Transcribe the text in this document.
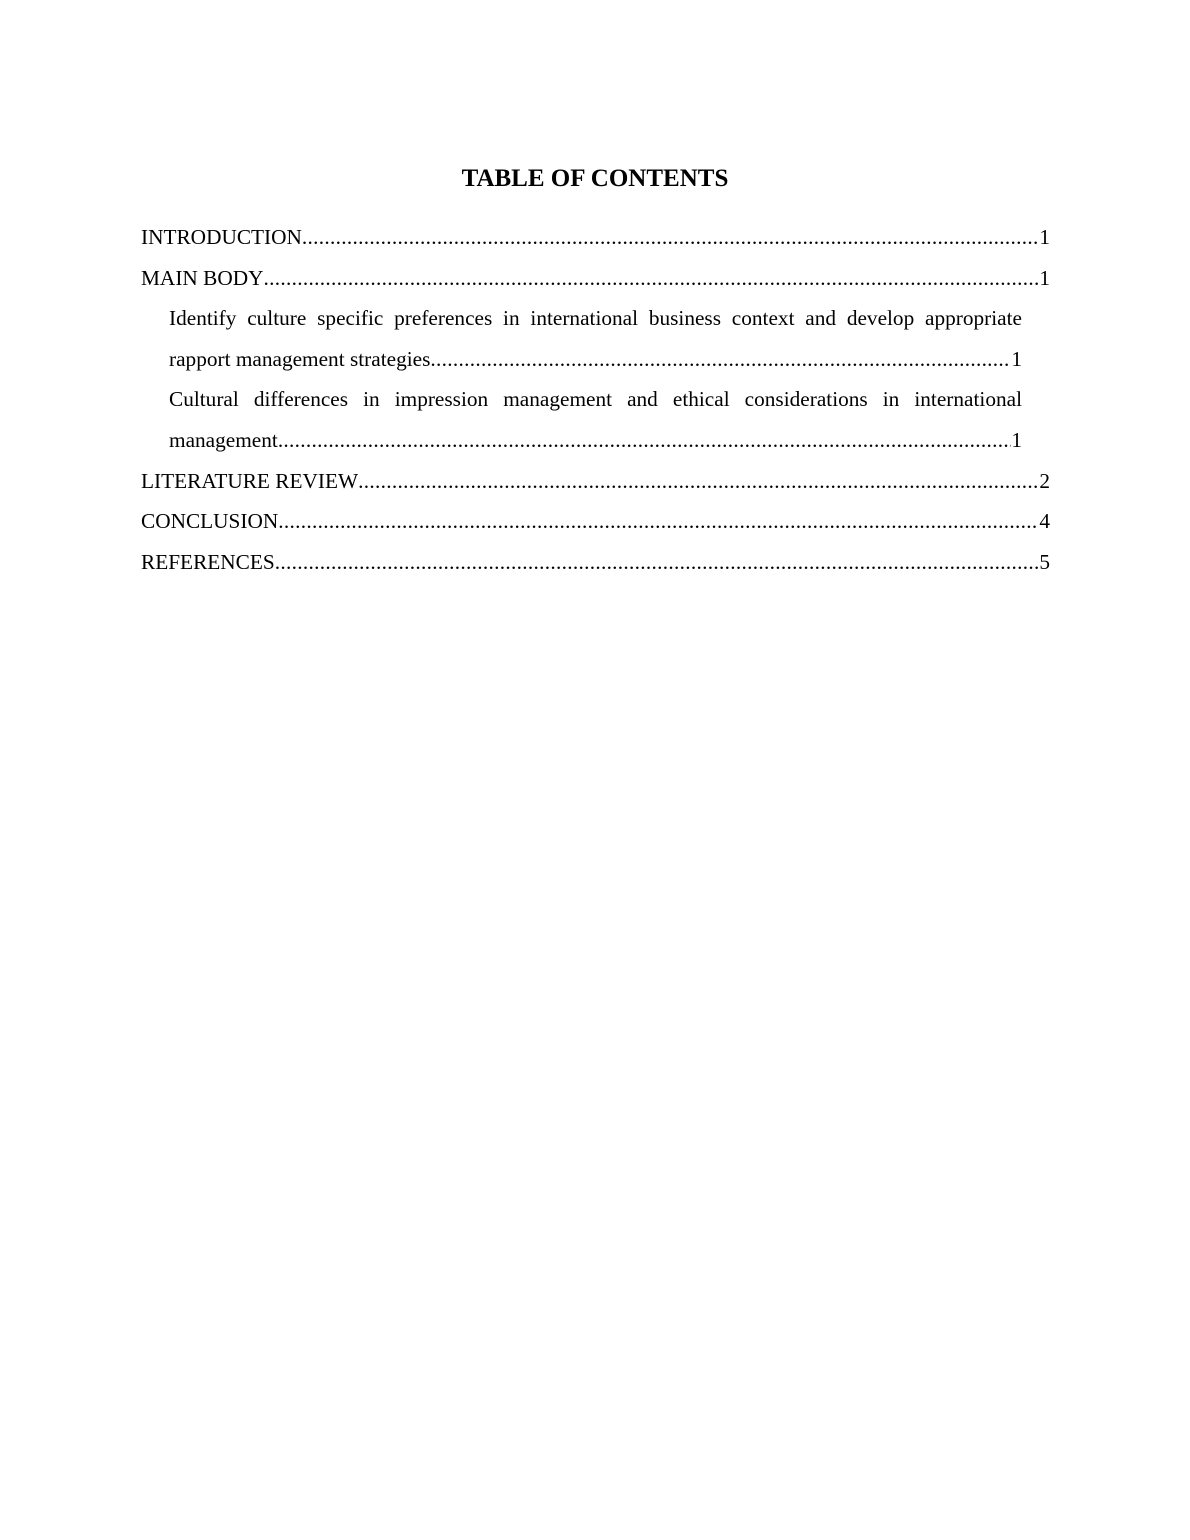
TABLE OF CONTENTS
INTRODUCTION .....	1
MAIN BODY .....	1
Identify culture specific preferences in international business context and develop appropriate
rapport management strategies .....	1
Cultural differences in impression management and ethical considerations in international
management .....	1
LITERATURE REVIEW .....	2
CONCLUSION .....	4
REFERENCES .....	5
